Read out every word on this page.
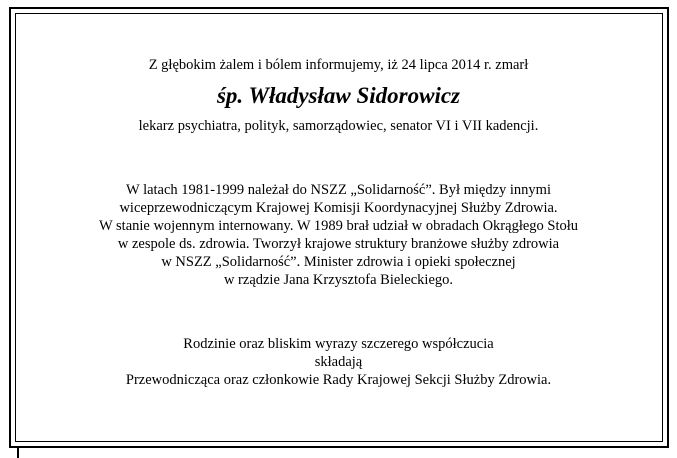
Z głębokim żalem i bólem informujemy, iż 24 lipca 2014 r. zmarł
śp. Władysław Sidorowicz
lekarz psychiatra, polityk, samorządowiec, senator VI i VII kadencji.
W latach 1981-1999 należał do NSZZ „Solidarność”. Był między innymi
wiceprzewodniczącym Krajowej Komisji Koordynacyjnej Służby Zdrowia.
W stanie wojennym internowany. W 1989 brał udział w obradach Okrągłego Stołu
w zespole ds. zdrowia. Tworzył krajowe struktury branżowe służby zdrowia
w NSZZ „Solidarność”. Minister zdrowia i opieki społecznej
w rządzie Jana Krzysztofa Bieleckiego.
Rodzinie oraz bliskim wyrazy szczerego współczucia
składają
Przewodnicząca oraz członkowie Rady Krajowej Sekcji Służby Zdrowia.
